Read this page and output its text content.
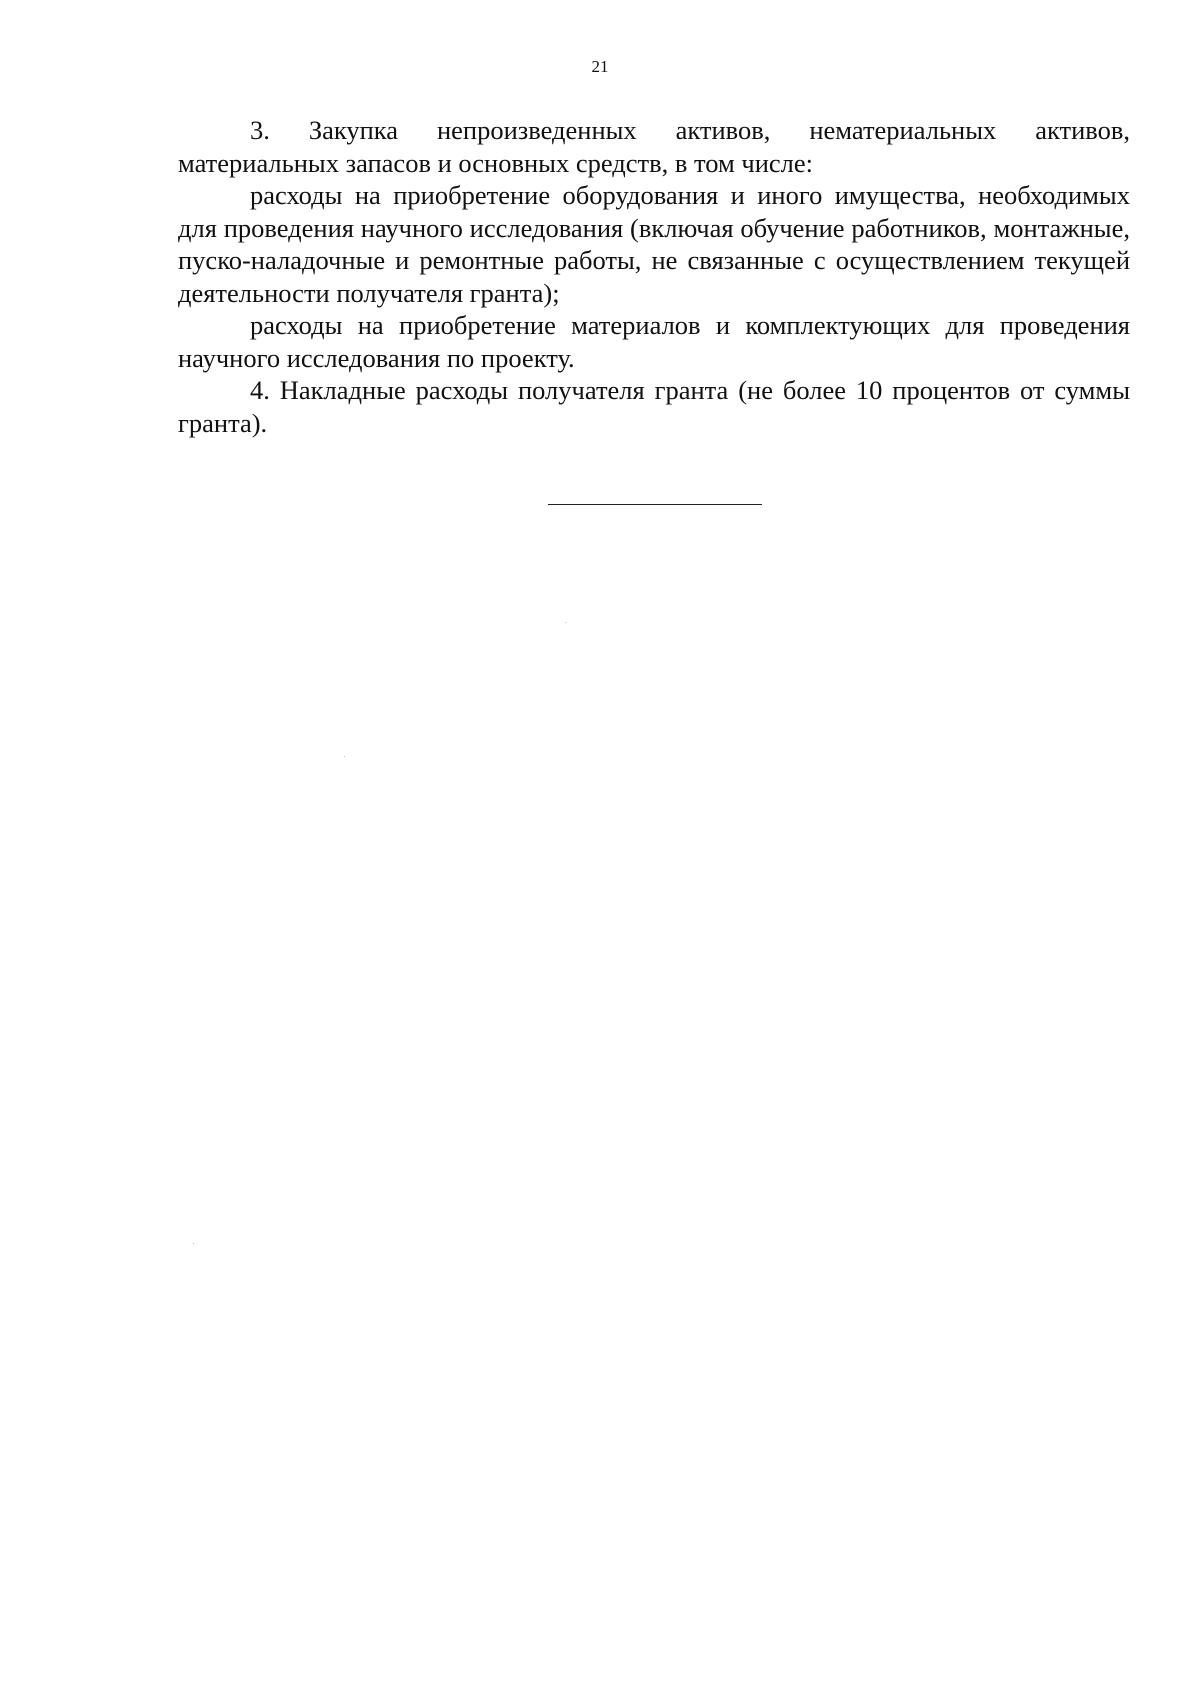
21

3. Закупка непроизведенных активов, нематериальных активов, материальных запасов и основных средств, в том числе:

расходы на приобретение оборудования и иного имущества, необходимых для проведения научного исследования (включая обучение работников, монтажные, пуско-наладочные и ремонтные работы, не связанные с осуществлением текущей деятельности получателя гранта);

расходы на приобретение материалов и комплектующих для проведения научного исследования по проекту.

4. Накладные расходы получателя гранта (не более 10 процентов от суммы гранта).
